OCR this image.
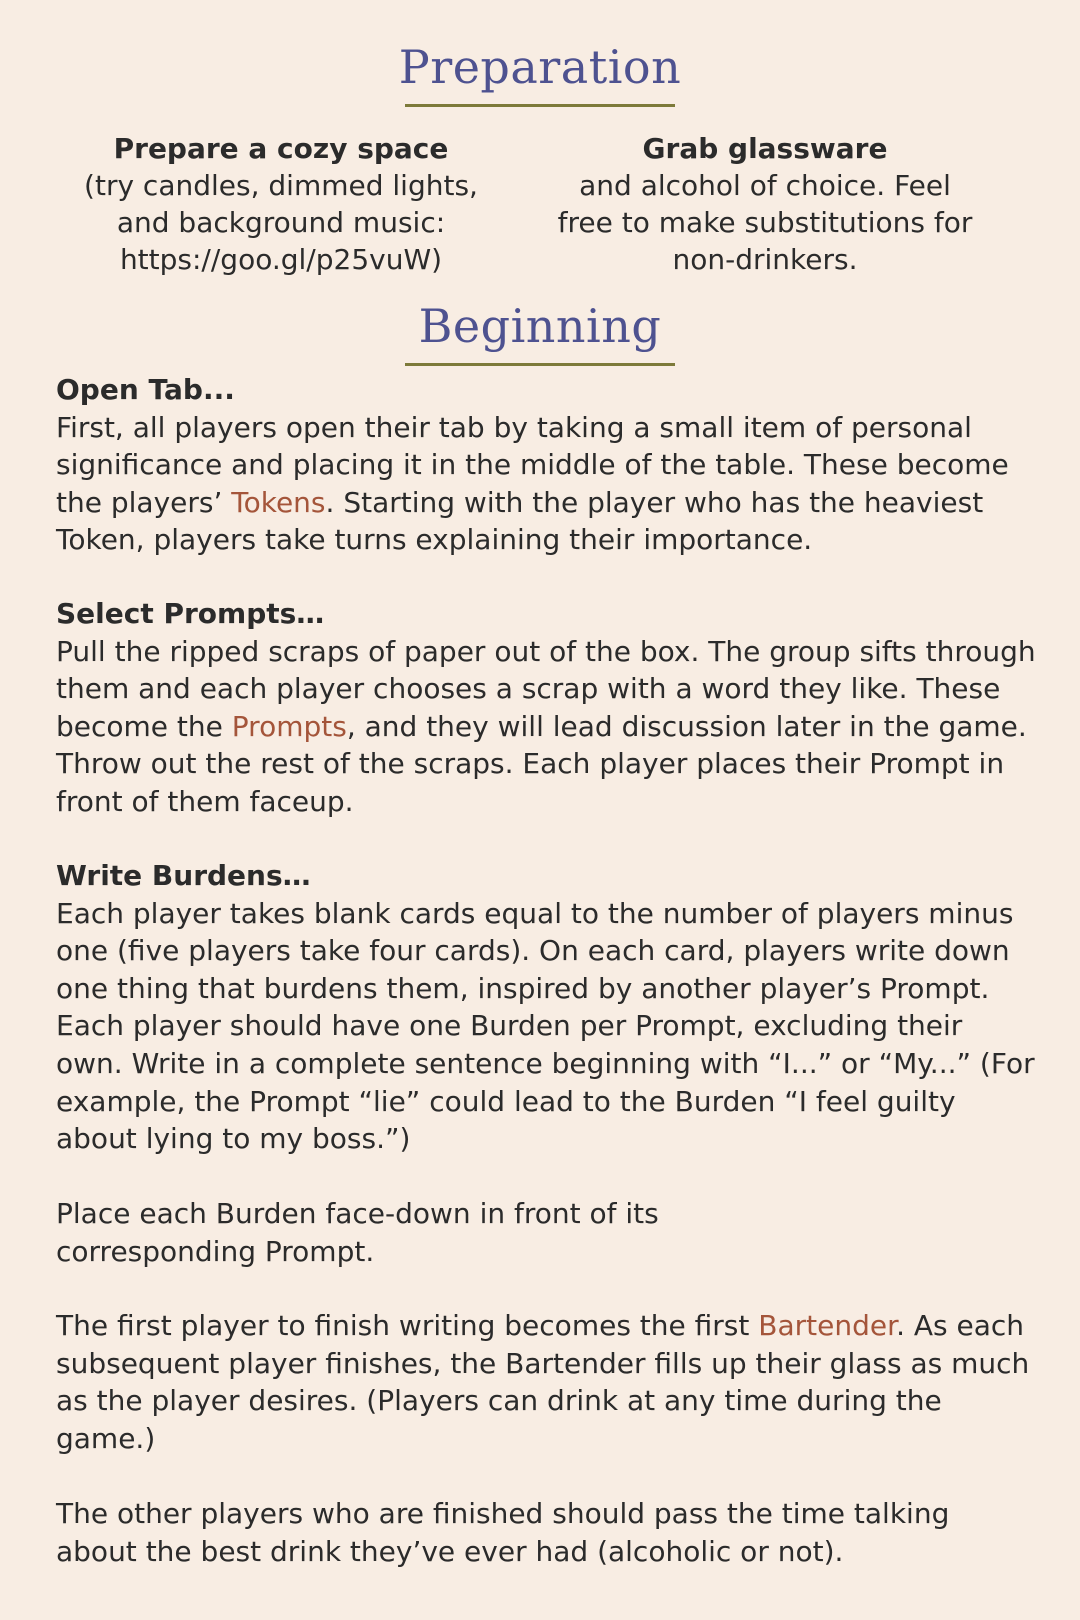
Preparation
Prepare a cozy space
(try candles, dimmed lights,
and background music:
https://goo.gl/p25vuW)
Grab glassware
and alcohol of choice. Feel
free to make substitutions for
non-drinkers.
Beginning
Open Tab...

First, all players open their tab by taking a small item of personal significance and placing it in the middle of the table. These become the players’ Tokens. Starting with the player who has the heaviest Token, players take turns explaining their importance.

Select Prompts…

Pull the ripped scraps of paper out of the box. The group sifts through them and each player chooses a scrap with a word they like. These become the Prompts, and they will lead discussion later in the game. Throw out the rest of the scraps. Each player places their Prompt in front of them faceup.

Write Burdens…

Each player takes blank cards equal to the number of players minus one (five players take four cards). On each card, players write down one thing that burdens them, inspired by another player’s Prompt. Each player should have one Burden per Prompt, excluding their own. Write in a complete sentence beginning with “I...” or “My...” (For example, the Prompt “lie” could lead to the Burden “I feel guilty about lying to my boss.”)

Place each Burden face-down in front of its
corresponding Prompt.

The first player to finish writing becomes the first Bartender. As each subsequent player finishes, the Bartender fills up their glass as much as the player desires. (Players can drink at any time during the game.)

The other players who are finished should pass the time talking about the best drink they’ve ever had (alcoholic or not).
